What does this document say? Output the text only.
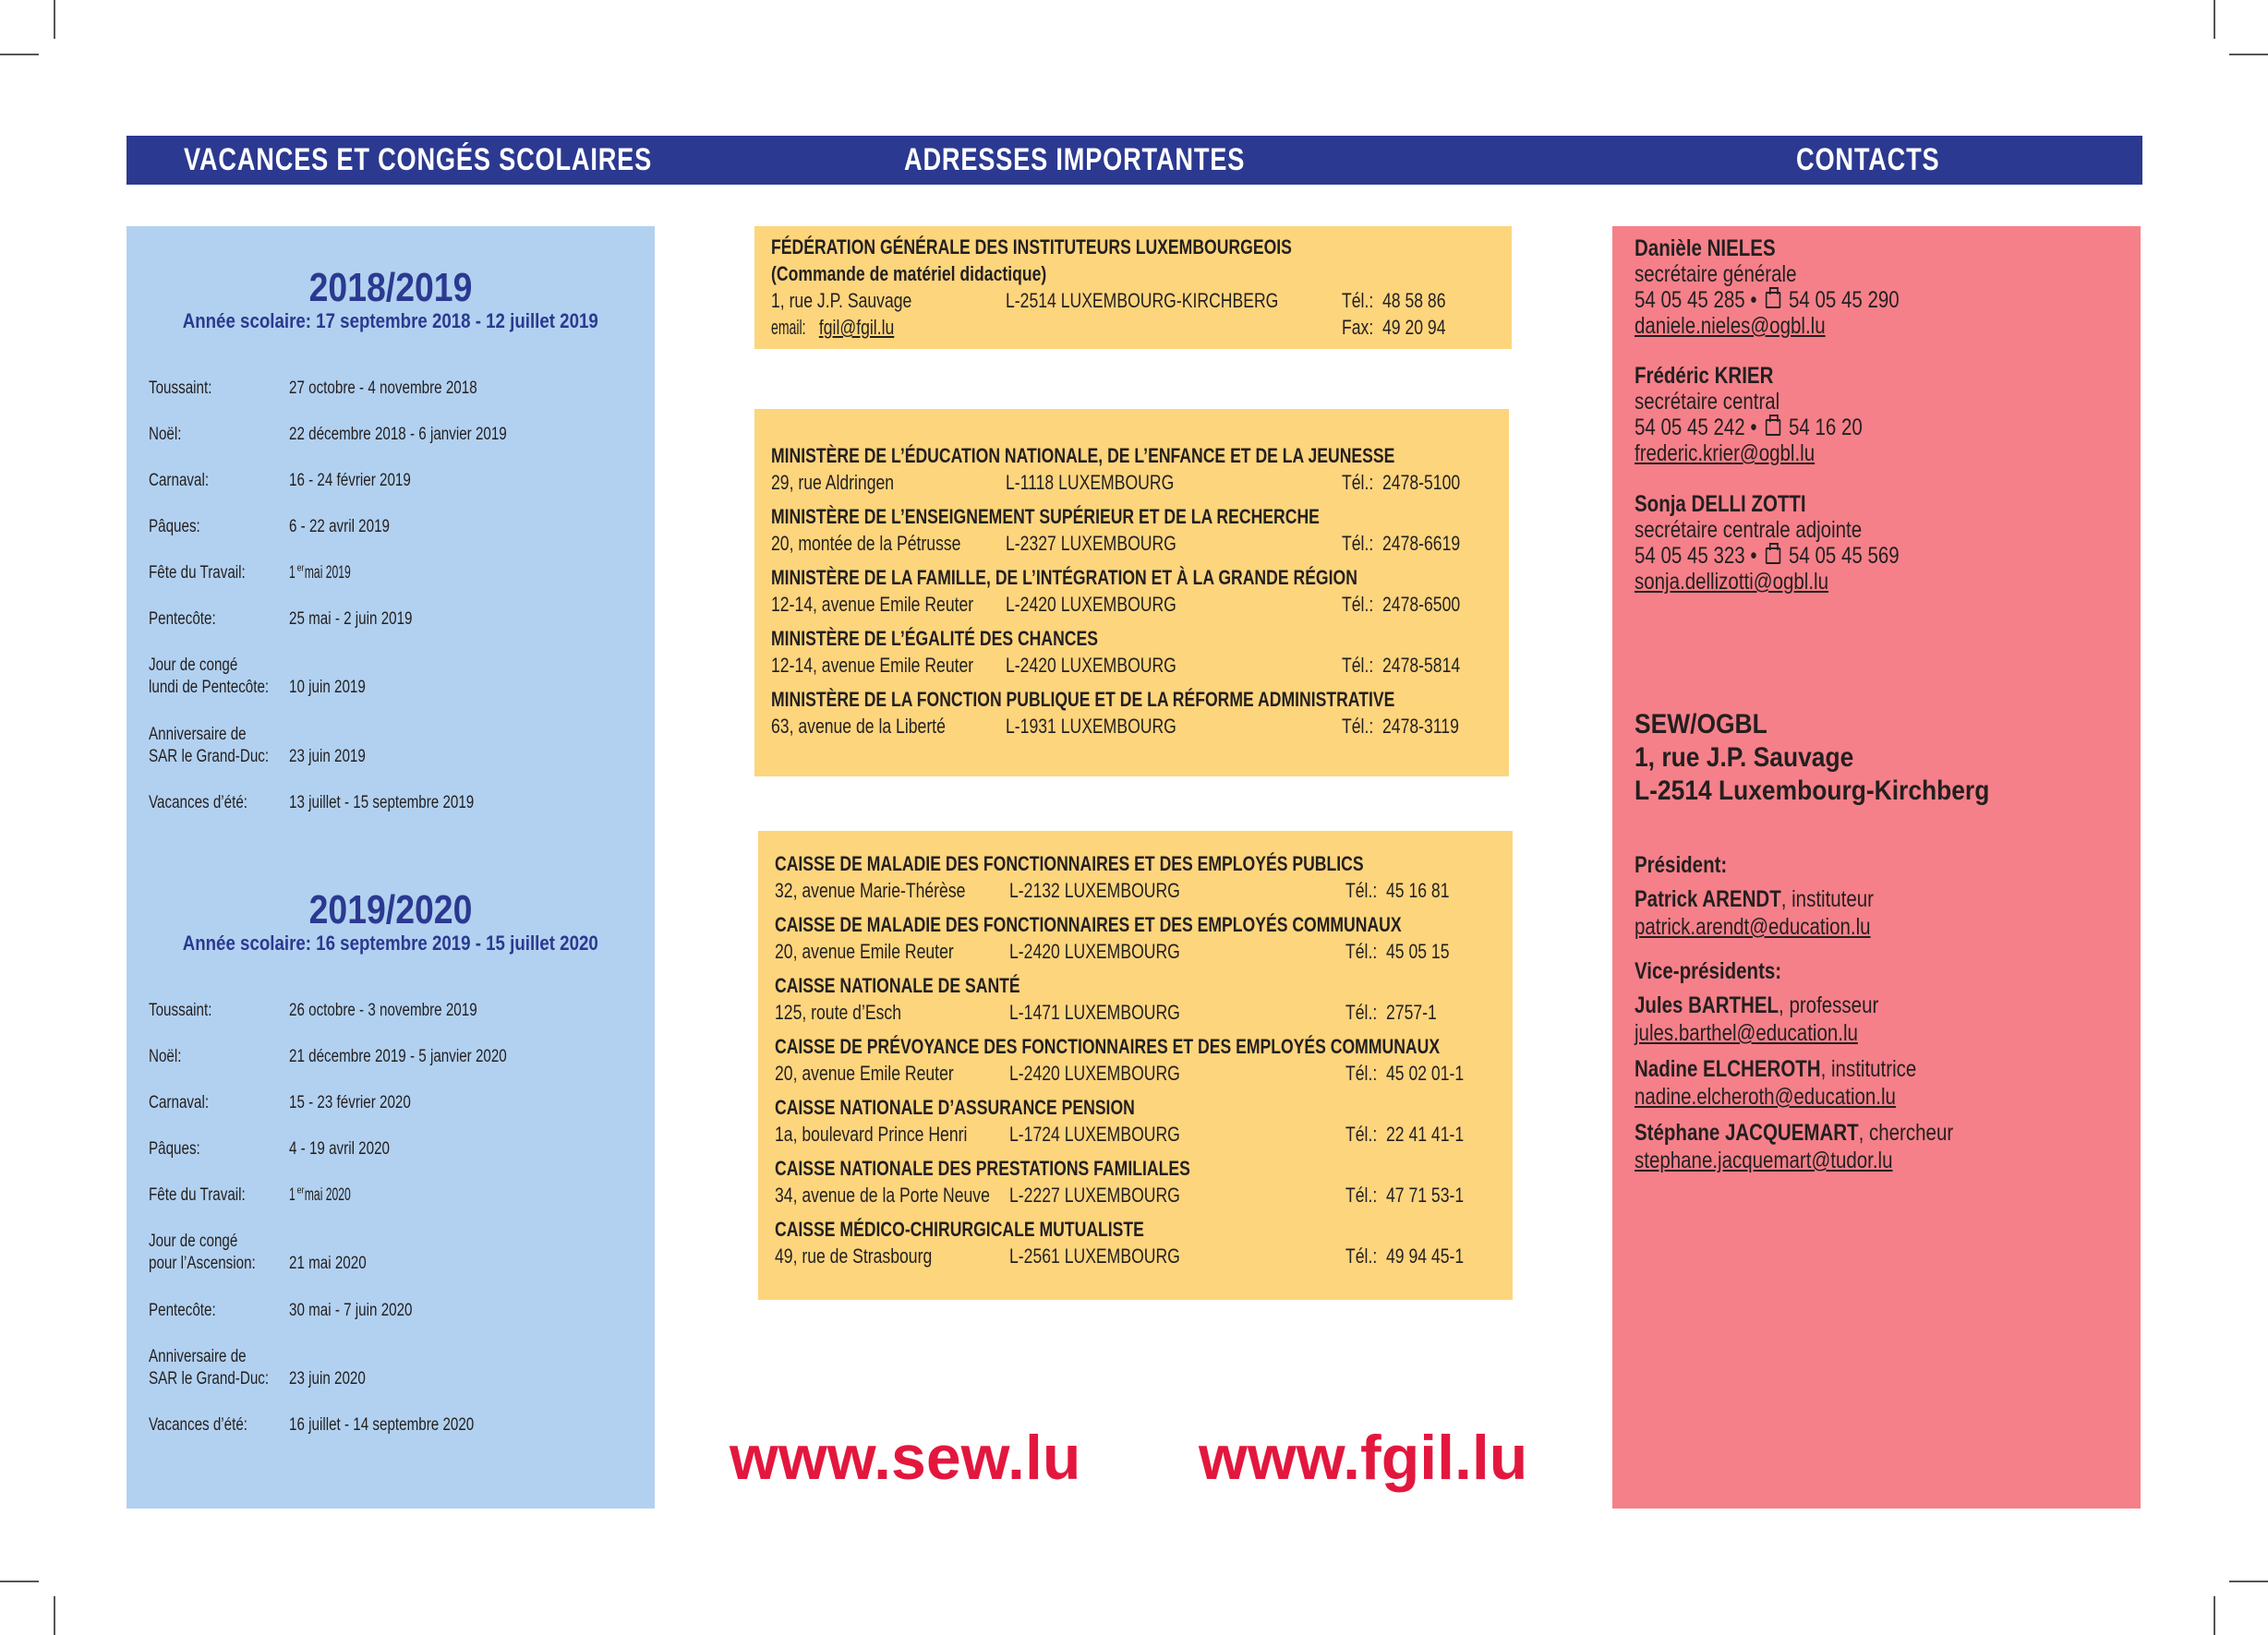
VACANCES ET CONGÉS SCOLAIRES	ADRESSES IMPORTANTES	CONTACTS
2018/2019
Année scolaire: 17 septembre 2018 - 12 juillet 2019
Toussaint:	27 octobre - 4 novembre 2018
Noël:	22 décembre 2018 - 6 janvier 2019
Carnaval:	16 - 24 février 2019
Pâques:	6 - 22 avril 2019
Fête du Travail:	1 $^{er}$mai 2019
Pentecôte:	25 mai - 2 juin 2019
Jour de congé
lundi de Pentecôte:	10 juin 2019
Anniversaire de
SAR le Grand-Duc:	23 juin 2019
Vacances d’été:	13 juillet - 15 septembre 2019
2019/2020
Année scolaire: 16 septembre 2019 - 15 juillet 2020
Toussaint:	26 octobre - 3 novembre 2019
Noël:	21 décembre 2019 - 5 janvier 2020
Carnaval:	15 - 23 février 2020
Pâques:	4 - 19 avril 2020
Fête du Travail:	1 $^{er}$mai 2020
Jour de congé
pour l’Ascension:	21 mai 2020
Pentecôte:	30 mai - 7 juin 2020
Anniversaire de
SAR le Grand-Duc:	23 juin 2020
Vacances d’été:	16 juillet - 14 septembre 2020
FÉDÉRATION GÉNÉRALE DES INSTITUTEURS LUXEMBOURGEOIS
(Commande de matériel didactique)
1, rue J.P. Sauvage	L-2514 LUXEMBOURG-KIRCHBERG	Tél.: 48 58 86
email: fgil@fgil.lu	Fax: 49 20 94
MINISTÈRE DE L’ÉDUCATION NATIONALE, DE L’ENFANCE ET DE LA JEUNESSE
29, rue Aldringen	L-1118 LUXEMBOURG	Tél.: 2478-5100
MINISTÈRE DE L’ENSEIGNEMENT SUPÉRIEUR ET DE LA RECHERCHE
20, montée de la Pétrusse	L-2327 LUXEMBOURG	Tél.: 2478-6619
MINISTÈRE DE LA FAMILLE, DE L’INTÉGRATION ET À LA GRANDE RÉGION
12-14, avenue Emile Reuter	L-2420 LUXEMBOURG	Tél.: 2478-6500
MINISTÈRE DE L’ÉGALITÉ DES CHANCES
12-14, avenue Emile Reuter	L-2420 LUXEMBOURG	Tél.: 2478-5814
MINISTÈRE DE LA FONCTION PUBLIQUE ET DE LA RÉFORME ADMINISTRATIVE
63, avenue de la Liberté	L-1931 LUXEMBOURG	Tél.: 2478-3119
CAISSE DE MALADIE DES FONCTIONNAIRES ET DES EMPLOYÉS PUBLICS
32, avenue Marie-Thérèse	L-2132 LUXEMBOURG	Tél.: 45 16 81
CAISSE DE MALADIE DES FONCTIONNAIRES ET DES EMPLOYÉS COMMUNAUX
20, avenue Emile Reuter	L-2420 LUXEMBOURG	Tél.: 45 05 15
CAISSE NATIONALE DE SANTÉ
125, route d’Esch	L-1471 LUXEMBOURG	Tél.: 2757-1
CAISSE DE PRÉVOYANCE DES FONCTIONNAIRES ET DES EMPLOYÉS COMMUNAUX
20, avenue Emile Reuter	L-2420 LUXEMBOURG	Tél.: 45 02 01-1
CAISSE NATIONALE D’ASSURANCE PENSION
1a, boulevard Prince Henri	L-1724 LUXEMBOURG	Tél.: 22 41 41-1
CAISSE NATIONALE DES PRESTATIONS FAMILIALES
34, avenue de la Porte Neuve L-2227 LUXEMBOURG	Tél.: 47 71 53-1
CAISSE MÉDICO-CHIRURGICALE MUTUALISTE
49, rue de Strasbourg	L-2561 LUXEMBOURG	Tél.: 49 94 45-1
www.sew.lu www.fgil.lu
Danièle NIELES
secrétaire générale
54 05 45 285 • 54 05 45 290
daniele.nieles@ogbl.lu
Frédéric KRIER
secrétaire central
54 05 45 242 • 54 16 20
frederic.krier@ogbl.lu
Sonja DELLI ZOTTI
secrétaire centrale adjointe
54 05 45 323 • 54 05 45 569
sonja.dellizotti@ogbl.lu
SEW/OGBL
1, rue J.P. Sauvage
L-2514 Luxembourg-Kirchberg
Président:
Patrick ARENDT, instituteur
patrick.arendt@education.lu
Vice-présidents:
Jules BARTHEL, professeur
jules.barthel@education.lu
Nadine ELCHEROTH, institutrice
nadine.elcheroth@education.lu
Stéphane JACQUEMART, chercheur
stephane.jacquemart@tudor.lu
